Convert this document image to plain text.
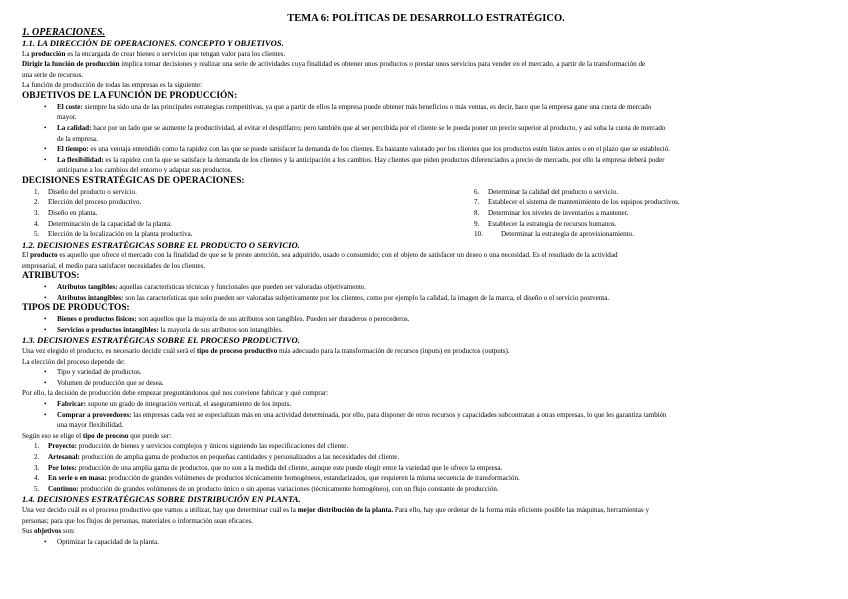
TEMA 6: POLÍTICAS DE DESARROLLO ESTRATÉGICO.

1. OPERACIONES.

1.1. LA DIRECCIÓN DE OPERACIONES. CONCEPTO Y OBJETIVOS.

La producción es la encargada de crear bienes o servicios que tengan valor para los clientes.

Dirigir la función de producción implica tomar decisiones y realizar una serie de actividades cuya finalidad es obtener unos productos o prestar unos servicios para vender en el mercado, a partir de la transformación de

una serie de recursos.

La función de producción de todas las empresas es la siguiente:

OBJETIVOS DE LA FUNCIÓN DE PRODUCCIÓN:

• El coste: siempre ha sido una de las principales estrategias competitivas, ya que a partir de ellos la empresa puede obtener más beneficios o más ventas, es decir, hace que la empresa gane una cuota de mercado
mayor.
• La calidad: hace por un lado que se aumente la productividad, al evitar el despilfarro; pero también que al ser percibida por el cliente se le pueda poner un precio superior al producto, y así suba la cuota de mercado
de la empresa.
• El tiempo: es una ventaja entendido como la rapidez con las que se puede satisfacer la demanda de los clientes. Es bastante valorado por los clientes que los productos estén listos antes o en el plazo que se estableció.
• La flexibilidad: es la rapidez con la que se satisface la demanda de los clientes y la anticipación a los cambios. Hay clientes que piden productos diferenciados a precio de mercado, por ello la empresa deberá poder
anticiparse a los cambios del entorno y adaptar sus productos.

DECISIONES ESTRATÉGICAS DE OPERACIONES:

1. Diseño del producto o servicio.
2. Elección del proceso productivo.
3. Diseño en planta.
4. Determinación de la capacidad de la planta.
5. Elección de la localización en la planta productiva.
6. Determinar la calidad del producto o servicio.
7. Establecer el sistema de mantenimiento de los equipos productivos.
8. Determinar los niveles de inventarios a mantener.
9. Establecer la estrategia de recursos humanos.
10.	Determinar la estrategia de aprovisionamiento.

1.2. DECISIONES ESTRATÉGICAS SOBRE EL PRODUCTO O SERVICIO.

El producto es aquello que ofrece el mercado con la finalidad de que se le preste atención, sea adquirido, usado o consumido; con el objeto de satisfacer un deseo o una necesidad. Es el resultado de la actividad

empresarial, el medio para satisfacer necesidades de los clientes.

ATRIBUTOS:

• Atributos tangibles: aquellas características técnicas y funcionales que pueden ser valoradas objetivamente.
• Atributos intangibles: son las características que solo pueden ser valoradas subjetivamente por los clientes, como por ejemplo la calidad, la imagen de la marca, el diseño o el servicio postventa.

TIPOS DE PRODUCTOS:

• Bienes o productos físicos: son aquellos que la mayoría de sus atributos son tangibles. Pueden ser duraderos o perecederos.
• Servicios o productos intangibles: la mayoría de sus atributos son intangibles.

1.3. DECISIONES ESTRATÉGICAS SOBRE EL PROCESO PRODUCTIVO.

Una vez elegido el producto, es necesario decidir cuál será el tipo de proceso productivo más adecuado para la transformación de recursos (inputs) en productos (outputs).

La elección del proceso depende de:

• Tipo y variedad de productos.
• Volumen de producción que se desea.

Por ello, la decisión de producción debe empezar preguntándonos qué nos conviene fabricar y qué comprar:

• Fabricar: supone un grado de integración vertical, el aseguramiento de los inputs.
• Comprar a proveedores: las empresas cada vez se especializan más en una actividad determinada, por ello, para disponer de otros recursos y capacidades subcontratan a otras empresas, lo que les garantiza también
una mayor flexibilidad.

Según eso se elige el tipo de proceso que puede ser:

1. Proyecto: producción de bienes y servicios complejos y únicos siguiendo las especificaciones del cliente.
2. Artesanal: producción de amplia gama de productos en pequeñas cantidades y personalizados a las necesidades del cliente.
3. Por lotes: producción de una amplia gama de productos, que no son a la medida del cliente, aunque este puede elegir entre la variedad que le ofrece la empresa.
4. En serie o en masa: producción de grandes volúmenes de productos técnicamente homogéneos, estandarizados, que requieren la misma secuencia de transformación.
5. Continuo: producción de grandes volúmenes de un producto único o sin apenas variaciones (técnicamente homogéneo), con un flujo constante de producción.

1.4. DECISIONES ESTRATÉGICAS SOBRE DISTRIBUCIÓN EN PLANTA.

Una vez decido cuál es el proceso productivo que vamos a utilizar, hay que determinar cuál es la mejor distribución de la planta. Para ello, hay que ordenar de la forma más eficiente posible las máquinas, herramientas y

personas; para que los flujos de personas, materiales o información sean eficaces.

Sus objetivos son:

• Optimizar la capacidad de la planta.
